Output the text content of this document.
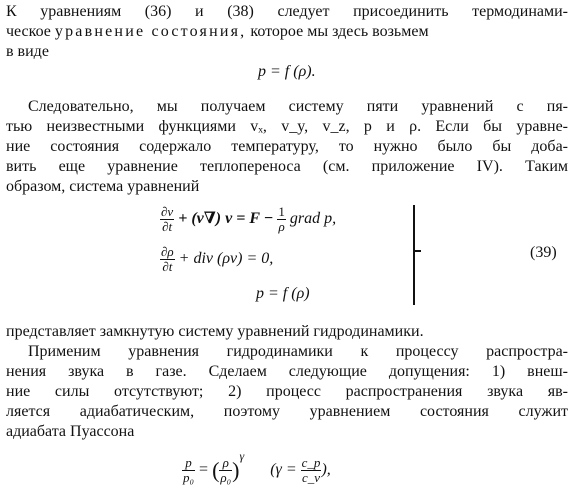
К уравнениям (36) и (38) следует присоединить термодинами-
ческое уравнение состояния, которое мы здесь возьмем
в виде
p = f (ρ).
Следовательно, мы получаем систему пяти уравнений с пя-
тью неизвестными функциями vₓ, v_y, v_z, p и ρ. Если бы уравне-
ние состояния содержало температуру, то нужно было бы доба-
вить еще уравнение теплопереноса (см. приложение IV). Таким
образом, система уравнений
$\frac{\partial v}{\partial t} + (v\nabla) v = F - \frac{1}{\rho}$ grad p,
$\frac{\partial\rho}{\partial t}$ + div (ρv) = 0,
p = f (ρ)
(39)
представляет замкнутую систему уравнений гидродинамики.
Применим уравнения гидродинамики к процессу распростра-
нения звука в газе. Сделаем следующие допущения: 1) внеш-
ние силы отсутствуют; 2) процесс распространения звука яв-
ляется адиабатическим, поэтому уравнением состояния служит
адиабата Пуассона
$\frac{p}{\text{p₀}}$ = ( $\frac{\rho}{\text{ρ₀}} )^\gamma$  ($\gamma = \frac{c\_p}{c\_v}$ ),
